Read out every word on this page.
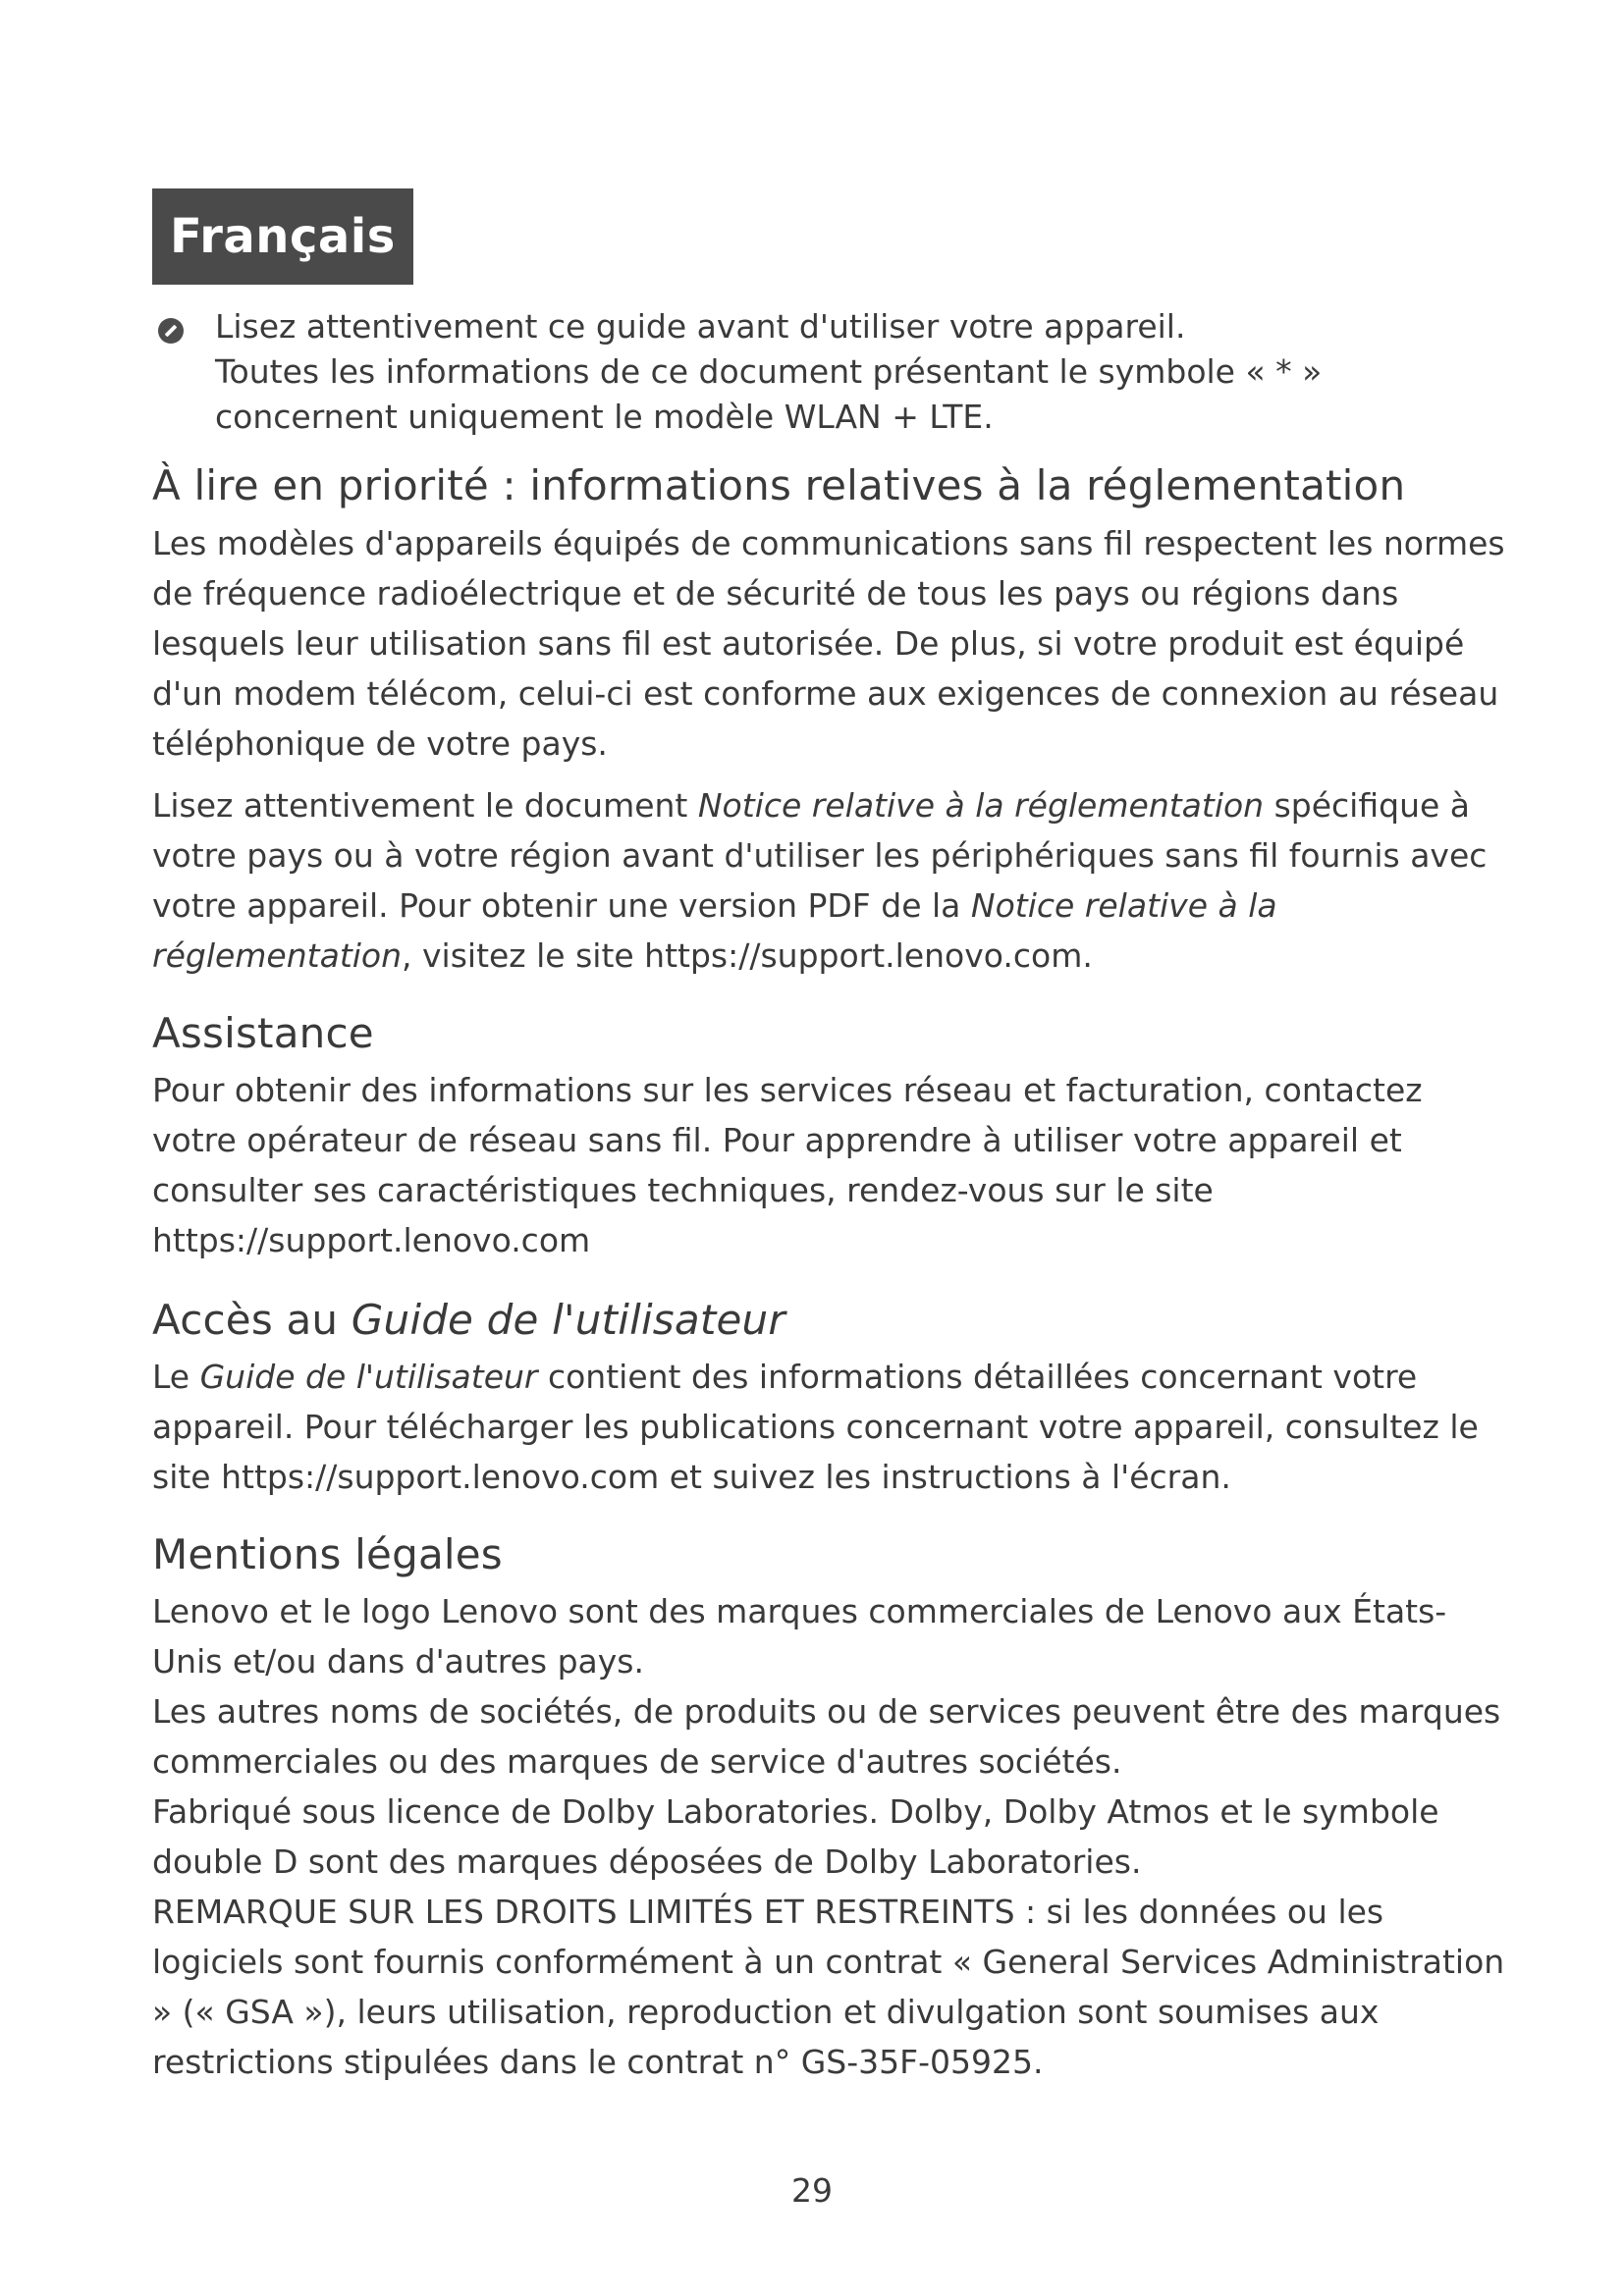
Français

Lisez attentivement ce guide avant d'utiliser votre appareil.

Toutes les informations de ce document présentant le symbole « * »

concernent uniquement le modèle WLAN + LTE.

À lire en priorité : informations relatives à la réglementation

Les modèles d'appareils équipés de communications sans fil respectent les normes de fréquence radioélectrique et de sécurité de tous les pays ou régions dans lesquels leur utilisation sans fil est autorisée. De plus, si votre produit est équipé d'un modem télécom, celui-ci est conforme aux exigences de connexion au réseau téléphonique de votre pays.

Lisez attentivement le document Notice relative à la réglementation spécifique à votre pays ou à votre région avant d'utiliser les périphériques sans fil fournis avec votre appareil. Pour obtenir une version PDF de la Notice relative à la réglementation, visitez le site https://support.lenovo.com.

Assistance

Pour obtenir des informations sur les services réseau et facturation, contactez votre opérateur de réseau sans fil. Pour apprendre à utiliser votre appareil et consulter ses caractéristiques techniques, rendez-vous sur le site https://support.lenovo.com

Accès au Guide de l'utilisateur

Le Guide de l'utilisateur contient des informations détaillées concernant votre appareil. Pour télécharger les publications concernant votre appareil, consultez le site https://support.lenovo.com et suivez les instructions à l'écran.

Mentions légales

Lenovo et le logo Lenovo sont des marques commerciales de Lenovo aux États-Unis et/ou dans d'autres pays.

Les autres noms de sociétés, de produits ou de services peuvent être des marques commerciales ou des marques de service d'autres sociétés.

Fabriqué sous licence de Dolby Laboratories. Dolby, Dolby Atmos et le symbole double D sont des marques déposées de Dolby Laboratories.

REMARQUE SUR LES DROITS LIMITÉS ET RESTREINTS : si les données ou les logiciels sont fournis conformément à un contrat « General Services Administration » (« GSA »), leurs utilisation, reproduction et divulgation sont soumises aux restrictions stipulées dans le contrat n° GS-35F-05925.

29
